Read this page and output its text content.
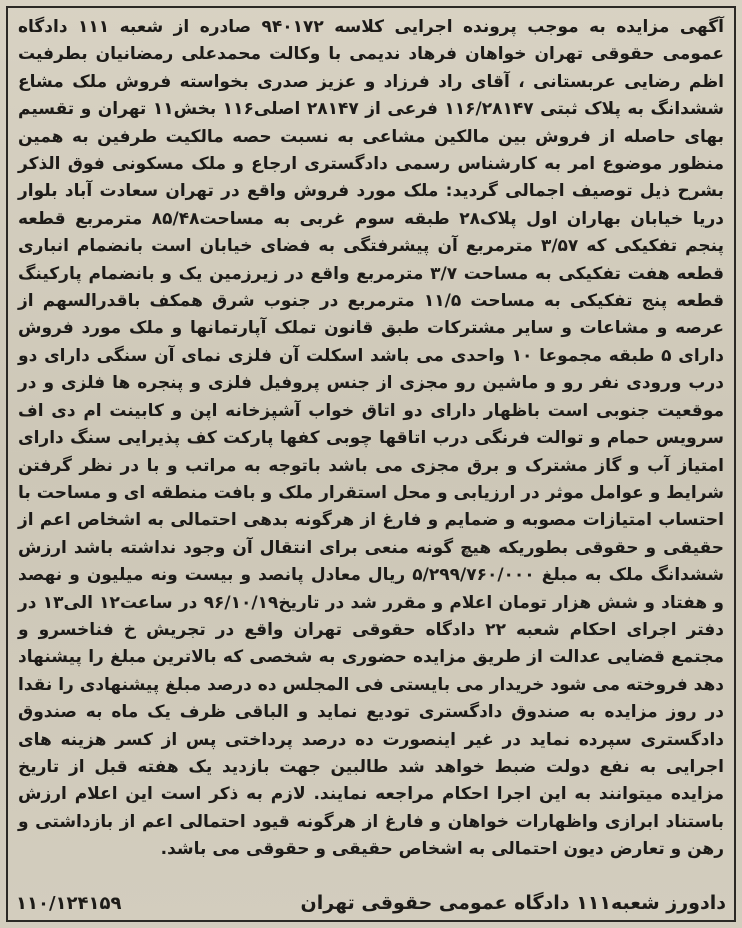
آگهی مزایده به موجب پرونده اجرایی کلاسه ۹۴۰۱۷۲ صادره از شعبه ۱۱۱ دادگاه عمومی حقوقی تهران خواهان فرهاد ندیمی با وکالت محمدعلی رمضانیان بطرفیت اظم رضایی عربستانی ، آقای راد فرزاد و عزیز صدری بخواسته فروش ملک مشاع ششدانگ به پلاک ثبتی ۱۱۶/۲۸۱۴۷ فرعی از ۲۸۱۴۷ اصلی۱۱۶ بخش۱۱ تهران و تقسیم بهای حاصله از فروش بین مالکین مشاعی به نسبت حصه مالکیت طرفین به همین منظور موضوع امر به کارشناس رسمی دادگستری ارجاع و ملک مسکونی فوق الذکر بشرح ذیل توصیف اجمالی گردید: ملک مورد فروش واقع در تهران سعادت آباد بلوار دریا خیابان بهاران اول پلاک۲۸ طبقه سوم غربی به مساحت۸۵/۴۸ مترمربع قطعه پنجم تفکیکی که ۳/۵۷ مترمربع آن پیشرفتگی به فضای خیابان است بانضمام انباری قطعه هفت تفکیکی به مساحت ۳/۷ مترمربع واقع در زیرزمین یک و بانضمام پارکینگ قطعه پنج تفکیکی به مساحت ۱۱/۵ مترمربع در جنوب شرق همکف باقدرالسهم از عرصه و مشاعات و سایر مشترکات طبق قانون تملک آپارتمانها و ملک مورد فروش دارای ۵ طبقه مجموعا ۱۰ واحدی می باشد اسکلت آن فلزی نمای آن سنگی دارای دو درب ورودی نفر رو و ماشین رو مجزی از جنس پروفیل فلزی و پنجره ها فلزی و در موقعیت جنوبی است باظهار دارای دو اتاق خواب آشپزخانه اپن و کابینت ام دی اف سرویس حمام و توالت فرنگی درب اتاقها چوبی کفها پارکت کف پذیرایی سنگ دارای امتیاز آب و گاز مشترک و برق مجزی می باشد باتوجه به مراتب و با در نظر گرفتن شرایط و عوامل موثر در ارزیابی و محل استقرار ملک و بافت منطقه ای و مساحت با احتساب امتیازات مصوبه و ضمایم و فارغ از هرگونه بدهی احتمالی به اشخاص اعم از حقیقی و حقوقی بطوریکه هیچ گونه منعی برای انتقال آن وجود نداشته باشد ارزش ششدانگ ملک به مبلغ ۵/۲۹۹/۷۶۰/۰۰۰ ریال معادل پانصد و بیست ونه میلیون و نهصد و هفتاد و شش هزار تومان اعلام و مقرر شد در تاریخ۹۶/۱۰/۱۹ در ساعت۱۲ الی۱۳ در دفتر اجرای احکام شعبه ۲۲ دادگاه حقوقی تهران واقع در تجریش خ فناخسرو و مجتمع قضایی عدالت از طریق مزایده حضوری به شخصی که بالاترین مبلغ را پیشنهاد دهد فروخته می شود خریدار می بایستی فی المجلس ده درصد مبلغ پیشنهادی را نقدا در روز مزایده به صندوق دادگستری تودیع نماید و الباقی ظرف یک ماه به صندوق دادگستری سپرده نماید در غیر اینصورت ده درصد پرداختی پس از کسر هزینه های اجرایی به نفع دولت ضبط خواهد شد طالبین جهت بازدید یک هفته قبل از تاریخ مزایده میتوانند به این اجرا احکام مراجعه نمایند. لازم به ذکر است این اعلام ارزش باستناد ابرازی واظهارات خواهان و فارغ از هرگونه قیود احتمالی اعم از بازداشتی و رهن و تعارض دیون احتمالی به اشخاص حقیقی و حقوقی می باشد.

دادورز شعبه۱۱۱ دادگاه عمومی حقوقی تهران
۱۱۰/۱۲۴۱۵۹
